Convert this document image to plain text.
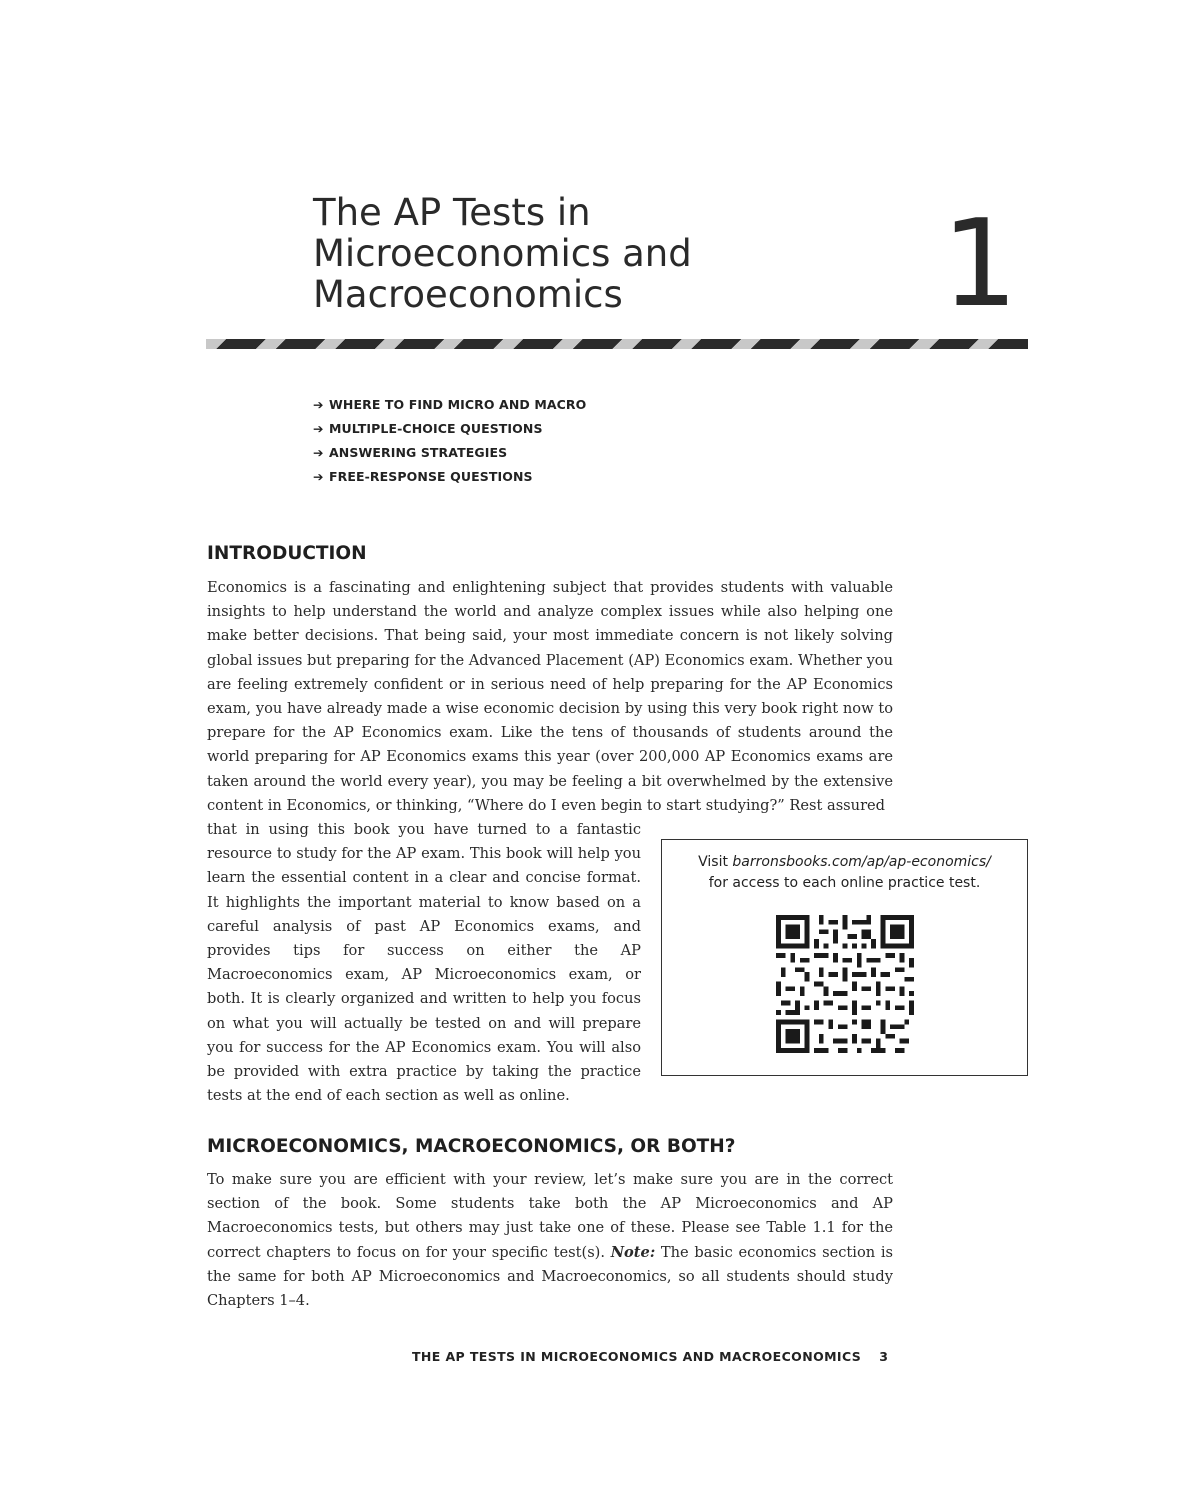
The AP Tests in
Microeconomics and
Macroeconomics	1
➔ WHERE TO FIND MICRO AND MACRO
➔ MULTIPLE-CHOICE QUESTIONS
➔ ANSWERING STRATEGIES
➔ FREE-RESPONSE QUESTIONS
INTRODUCTION

Economics is a fascinating and enlightening subject that provides students with valuable insights to help understand the world and analyze complex issues while also helping one make better decisions. That being said, your most immediate concern is not likely solving global issues but preparing for the Advanced Placement (AP) Economics exam. Whether you are feeling extremely confident or in serious need of help preparing for the AP Economics exam, you have already made a wise economic decision by using this very book right now to prepare for the AP Economics exam. Like the tens of thousands of students around the world preparing for AP Economics exams this year (over 200,000 AP Economics exams are taken around the world every year), you may be feeling a bit overwhelmed by the extensive content in Economics, or thinking, “Where do I even begin to start studying?” Rest assured

that in using this book you have turned to a fantastic resource to study for the AP exam. This book will help you learn the essential content in a clear and concise format. It highlights the important material to know based on a careful analysis of past AP Economics exams, and provides tips for success on either the AP Macroeconomics exam, AP Microeconomics exam, or both. It is clearly organized and written to help you focus on what you will actually be tested on and will prepare you for success for the AP Economics exam. You will also be provided with extra practice by taking the practice tests at the end of each section as well as online.

Visit barronsbooks.com/ap/ap-economics/
for access to each online practice test.
MICROECONOMICS, MACROECONOMICS, OR BOTH?

To make sure you are efficient with your review, let’s make sure you are in the correct section of the book. Some students take both the AP Microeconomics and AP Macroeconomics tests, but others may just take one of these. Please see Table 1.1 for the correct chapters to focus on for your specific test(s). Note: The basic economics section is the same for both AP Microeconomics and Macroeconomics, so all students should study Chapters 1–4.

THE AP TESTS IN MICROECONOMICS AND MACROECONOMICS 3
